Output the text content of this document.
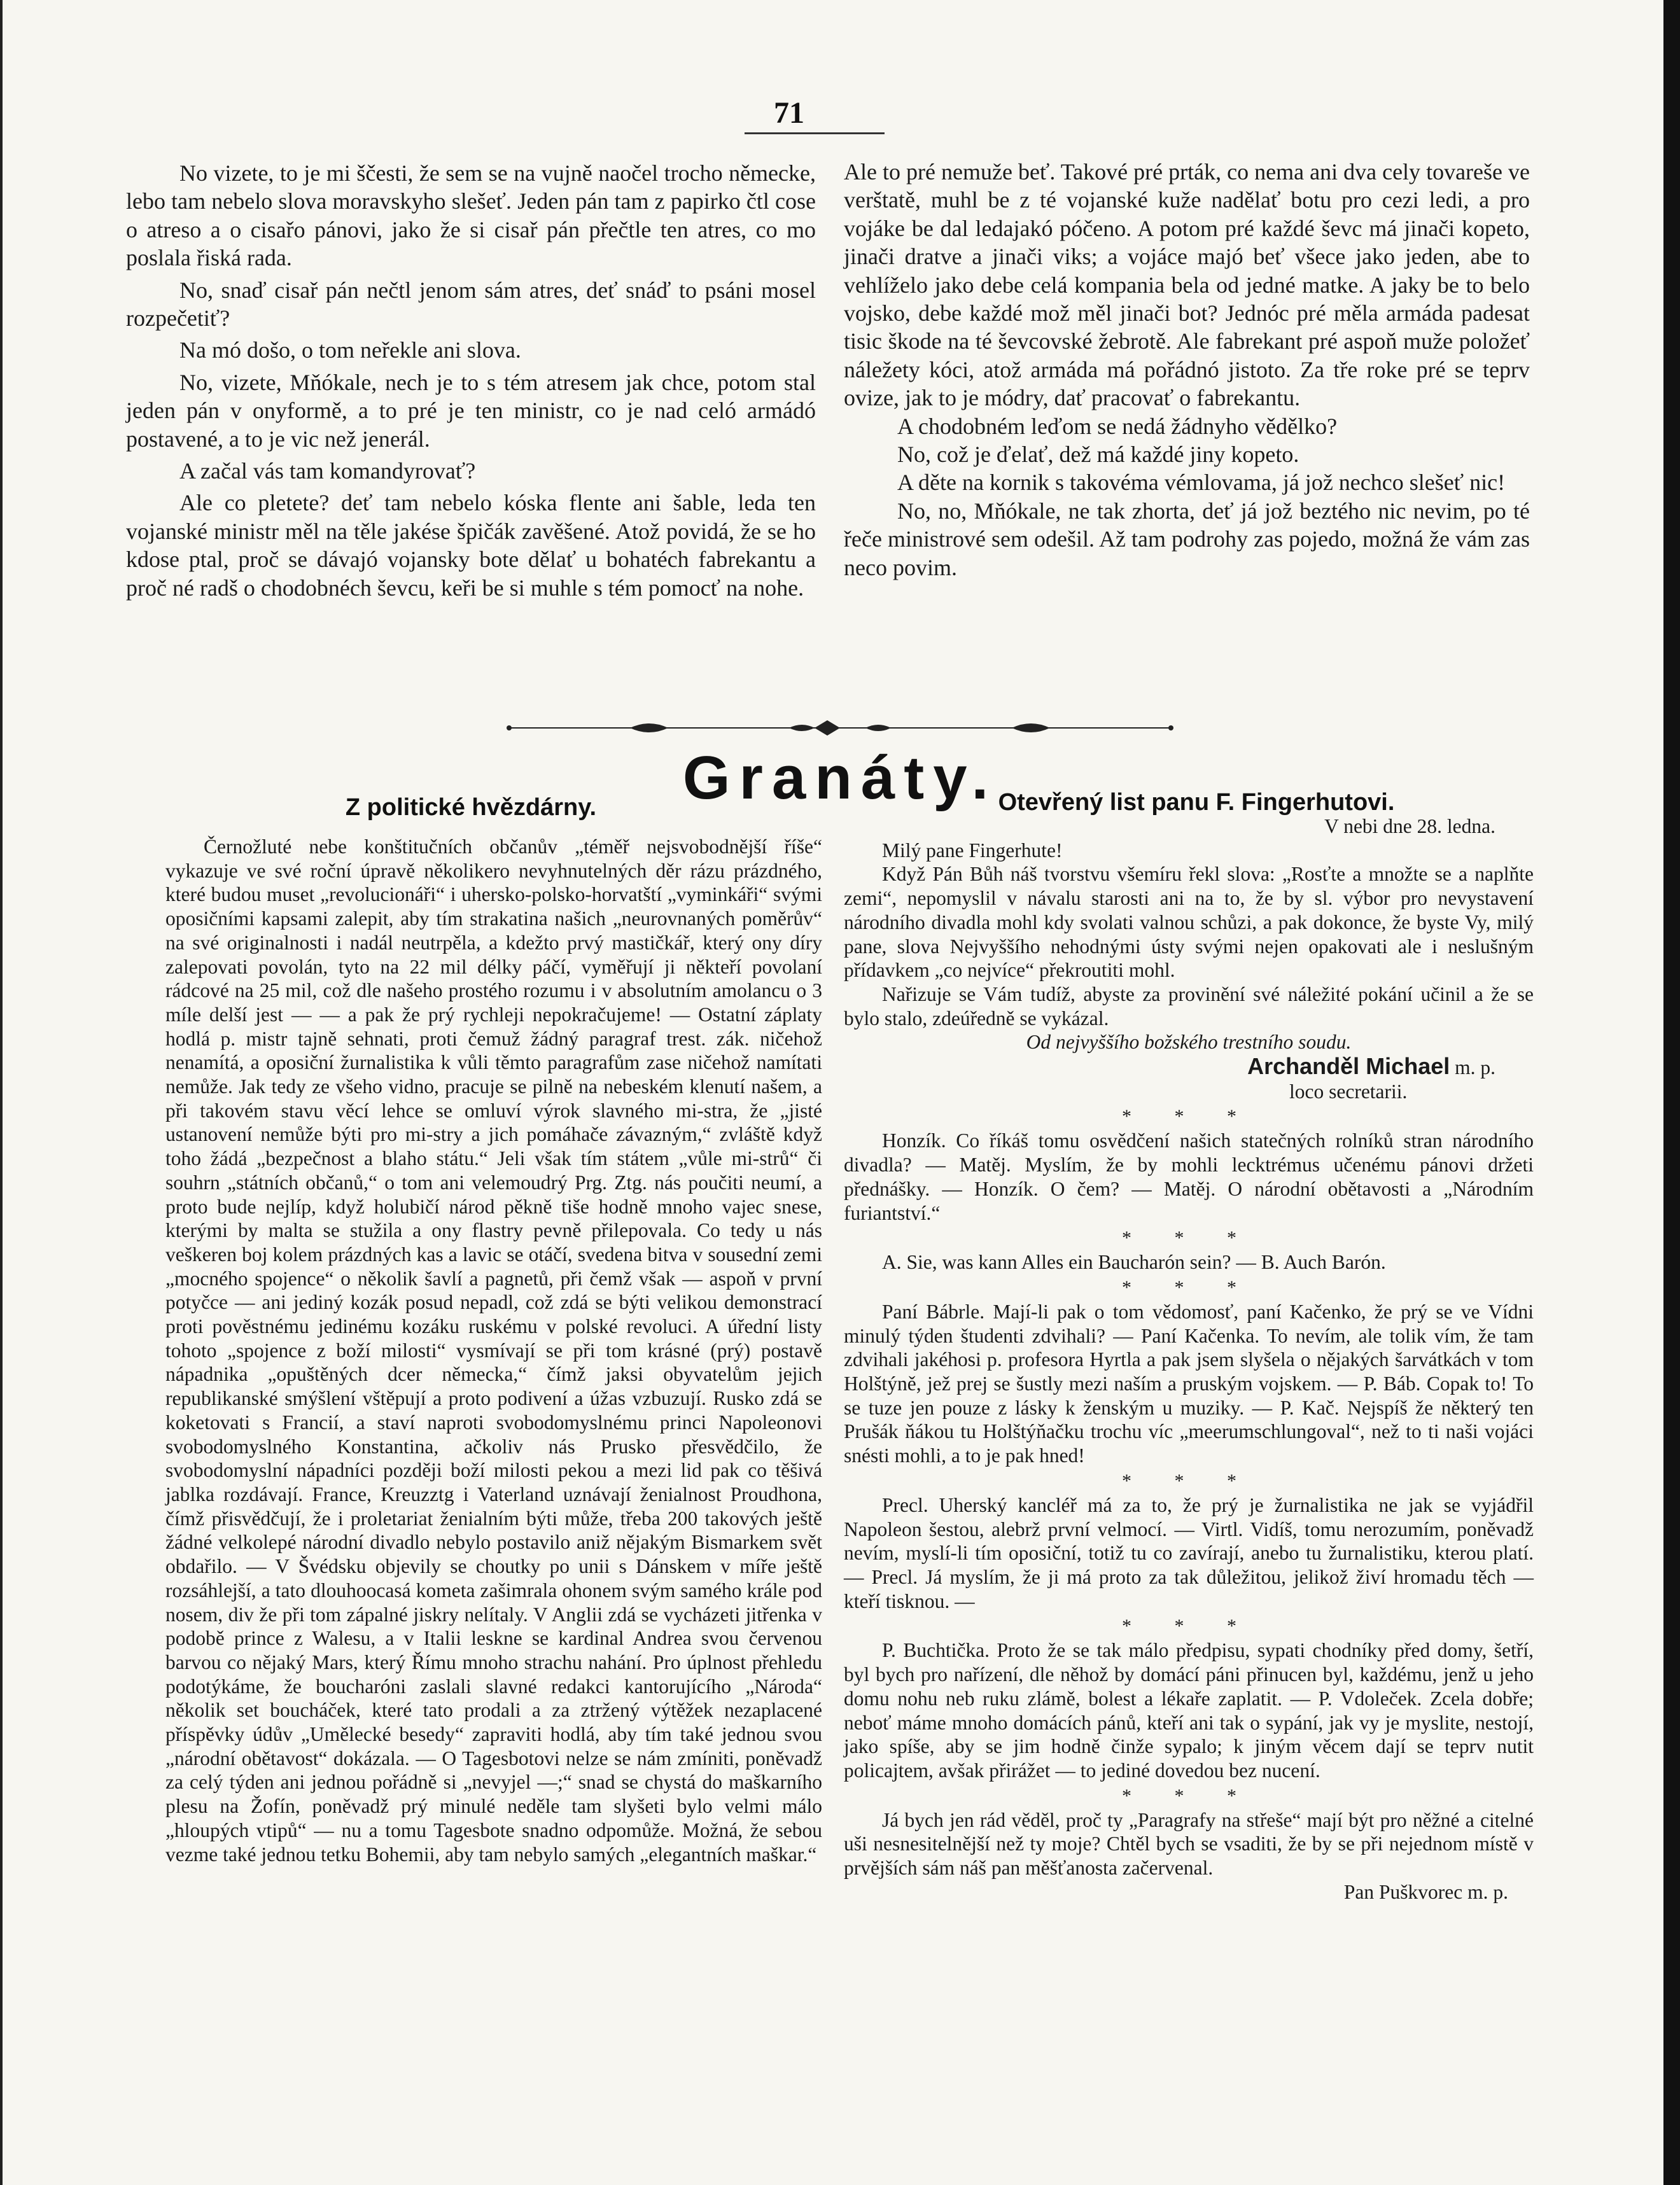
71

No vizete, to je mi ščesti, že sem se na vujně naočel trocho německe, lebo tam nebelo slova moravskyho slešeť. Jeden pán tam z papirko čtl cose o atreso a o cisařo pánovi, jako že si cisař pán přečtle ten atres, co mo poslala řiská rada.

No, snaď cisař pán nečtl jenom sám atres, deť snáď to psáni mosel rozpečetiť?

Na mó došo, o tom neřekle ani slova.

No, vizete, Mňókale, nech je to s tém atresem jak chce, potom stal jeden pán v onyformě, a to pré je ten ministr, co je nad celó armádó postavené, a to je vic než jenerál.

A začal vás tam komandyrovať?

Ale co pletete? deť tam nebelo kóska flente ani šable, leda ten vojanské ministr měl na těle jakése špičák zavěšené. Atož povidá, že se ho kdose ptal, proč se dávajó vojansky bote dělať u bohatéch fabrekantu a proč né radš o chodobnéch ševcu, keři be si muhle s tém pomocť na nohe.

Ale to pré nemuže beť. Takové pré prták, co nema ani dva cely tovareše ve verštatě, muhl be z té vojanské kuže nadělať botu pro cezi ledi, a pro vojáke be dal ledajakó póčeno. A potom pré každé ševc má jinači kopeto, jinači dratve a jinači viks; a vojáce majó beť všece jako jeden, abe to vehlíželo jako debe celá kompania bela od jedné matke. A jaky be to belo vojsko, debe každé mož měl jinači bot? Jednóc pré měla armáda padesat tisic škode na té ševcovské žebrotě. Ale fabrekant pré aspoň muže položeť náležety kóci, atož armáda má pořádnó jistoto. Za tře roke pré se teprv ovize, jak to je módry, dať pracovať o fabrekantu.

A chodobném leďom se nedá žádnyho vědělko?

No, což je ďelať, dež má každé jiny kopeto.

A děte na kornik s takovéma vémlovama, já jož nechco slešeť nic!

No, no, Mňókale, ne tak zhorta, deť já jož beztého nic nevim, po té řeče ministrové sem odešil. Až tam podrohy zas pojedo, možná že vám zas neco povim.

Granáty.
Z politické hvězdárny.	Otevřený list panu F. Fingerhutovi.

Černožluté nebe konštitučních občanův „téměř nejsvobodnější říše“ vykazuje ve své roční úpravě několikero nevyhnutelných děr rázu prázdného, které budou muset „revolucionáři“ i uhersko-polsko-horvatští „vyminkáři“ svými oposičními kapsami zalepit, aby tím strakatina našich „neurovnaných poměrův“ na své originalnosti i nadál neutrpěla, a kdežto prvý mastičkář, který ony díry zalepovati povolán, tyto na 22 mil délky páčí, vyměřují ji někteří povolaní rádcové na 25 mil, což dle našeho prostého rozumu i v absolutním amolancu o 3 míle delší jest — — a pak že prý rychleji nepokračujeme! — Ostatní záplaty hodlá p. mistr tajně sehnati, proti čemuž žádný paragraf trest. zák. ničehož nenamítá, a oposiční žurnalistika k vůli těmto paragrafům zase ničehož namítati nemůže. Jak tedy ze všeho vidno, pracuje se pilně na nebeském klenutí našem, a při takovém stavu věcí lehce se omluví výrok slavného mi-stra, že „jisté ustanovení nemůže býti pro mi-stry a jich pomáhače závazným,“ zvláště když toho žádá „bezpečnost a blaho státu.“ Jeli však tím státem „vůle mi-strů“ či souhrn „státních občanů,“ o tom ani velemoudrý Prg. Ztg. nás poučiti neumí, a proto bude nejlíp, když holubičí národ pěkně tiše hodně mnoho vajec snese, kterými by malta se stužila a ony flastry pevně přilepovala. Co tedy u nás veškeren boj kolem prázdných kas a lavic se otáčí, svedena bitva v sousední zemi „mocného spojence“ o několik šavlí a pagnetů, při čemž však — aspoň v první potyčce — ani jediný kozák posud nepadl, což zdá se býti velikou demonstrací proti pověstnému jedinému kozáku ruskému v polské revoluci. A úřední listy tohoto „spojence z boží milosti“ vysmívají se při tom krásné (prý) postavě nápadnika „opuštěných dcer německa,“ čímž jaksi obyvatelům jejich republikanské smýšlení vštěpují a proto podivení a úžas vzbuzují. Rusko zdá se koketovati s Francií, a staví naproti svobodomyslnému princi Napoleonovi svobodomyslného Konstantina, ačkoliv nás Prusko přesvědčilo, že svobodomyslní nápadníci později boží milosti pekou a mezi lid pak co těšivá jablka rozdávají. France, Kreuzztg i Vaterland uznávají ženialnost Proudhona, čímž přisvědčují, že i proletariat ženialním býti může, třeba 200 takových ještě žádné velkolepé národní divadlo nebylo postavilo aniž nějakým Bismarkem svět obdařilo. — V Švédsku objevily se choutky po unii s Dánskem v míře ještě rozsáhlejší, a tato dlouhoocasá kometa zašimrala ohonem svým samého krále pod nosem, div že při tom zápalné jiskry nelítaly. V Anglii zdá se vycházeti jitřenka v podobě prince z Walesu, a v Italii leskne se kardinal Andrea svou červenou barvou co nějaký Mars, který Římu mnoho strachu nahání. Pro úplnost přehledu podotýkáme, že boucharóni zaslali slavné redakci kantorujícího „Národa“ několik set boucháček, které tato prodali a za ztržený výtěžek nezaplacené příspěvky údův „Umělecké besedy“ zapraviti hodlá, aby tím také jednou svou „národní obětavost“ dokázala. — O Tagesbotovi nelze se nám zmíniti, poněvadž za celý týden ani jednou pořádně si „nevyjel —;“ snad se chystá do maškarního plesu na Žofín, poněvadž prý minulé neděle tam slyšeti bylo velmi málo „hloupých vtipů“ — nu a tomu Tagesbote snadno odpomůže. Možná, že sebou vezme také jednou tetku Bohemii, aby tam nebylo samých „elegantních maškar.“

V nebi dne 28. ledna.

Milý pane Fingerhute!

Když Pán Bůh náš tvorstvu všemíru řekl slova: „Rosťte a množte se a naplňte zemi“, nepomyslil v návalu starosti ani na to, že by sl. výbor pro nevystavení národního divadla mohl kdy svolati valnou schůzi, a pak dokonce, že byste Vy, milý pane, slova Nejvyššího nehodnými ústy svými nejen opakovati ale i neslušným přídavkem „co nejvíce“ překroutiti mohl.

Nařizuje se Vám tudíž, abyste za provinění své náležité pokání učinil a že se bylo stalo, zdeúředně se vykázal.

Od nejvyššího božského trestního soudu.

Archanděl Michael m. p.

loco secretarii.

* * *

Honzík. Co říkáš tomu osvědčení našich statečných rolníků stran národního divadla? — Matěj. Myslím, že by mohli lecktrémus učenému pánovi držeti přednášky. — Honzík. O čem? — Matěj. O národní obětavosti a „Národním furiantství.“

* * *

A. Sie, was kann Alles ein Baucharón sein? — B. Auch Barón.

* * *

Paní Bábrle. Mají-li pak o tom vědomosť, paní Kačenko, že prý se ve Vídni minulý týden študenti zdvihali? — Paní Kačenka. To nevím, ale tolik vím, že tam zdvihali jakéhosi p. profesora Hyrtla a pak jsem slyšela o nějakých šarvátkách v tom Holštýně, jež prej se šustly mezi naším a pruským vojskem. — P. Báb. Copak to! To se tuze jen pouze z lásky k ženským u muziky. — P. Kač. Nejspíš že některý ten Prušák ňákou tu Holštýňačku trochu víc „meerumschlungoval“, než to ti naši vojáci snésti mohli, a to je pak hned!

* * *

Precl. Uherský kancléř má za to, že prý je žurnalistika ne jak se vyjádřil Napoleon šestou, alebrž první velmocí. — Virtl. Vidíš, tomu nerozumím, poněvadž nevím, myslí-li tím oposiční, totiž tu co zavírají, anebo tu žurnalistiku, kterou platí. — Precl. Já myslím, že ji má proto za tak důležitou, jelikož živí hromadu těch — kteří tisknou. —

* * *

P. Buchtička. Proto že se tak málo předpisu, sypati chodníky před domy, šetří, byl bych pro nařízení, dle něhož by domácí páni přinucen byl, každému, jenž u jeho domu nohu neb ruku zlámě, bolest a lékaře zaplatit. — P. Vdoleček. Zcela dobře; neboť máme mnoho domácích pánů, kteří ani tak o sypání, jak vy je myslite, nestojí, jako spíše, aby se jim hodně činže sypalo; k jiným věcem dají se teprv nutit policajtem, avšak přirážet — to jediné dovedou bez nucení.

* * *

Já bych jen rád věděl, proč ty „Paragrafy na střeše“ mají být pro něžné a citelné uši nesnesitelnější než ty moje? Chtěl bych se vsaditi, že by se při nejednom místě v prvějších sám náš pan měšťanosta začervenal.

Pan Puškvorec m. p.
